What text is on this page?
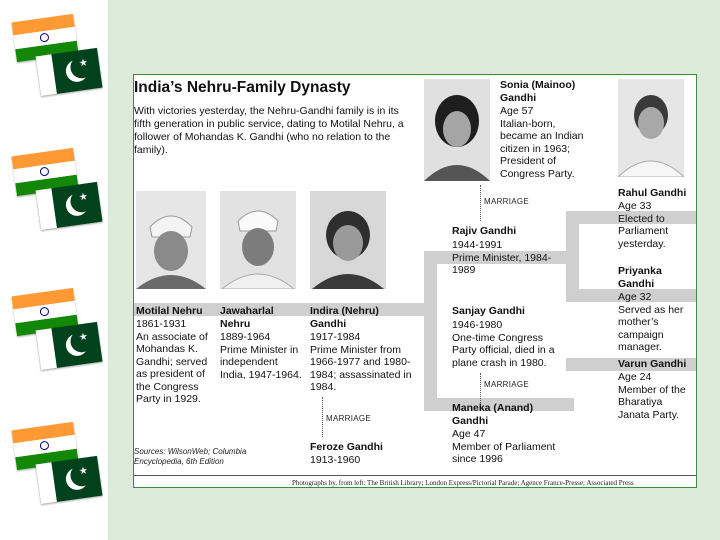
★
★
★
★
India’s Nehru-Family Dynasty
With victories yesterday, the Nehru-Gandhi family is in its fifth generation in public service, dating to Motilal Nehru, a follower of Mohandas K. Gandhi (who no relation to the family).
Motilal Nehru
1861-1931
An associate of Mohandas K. Gandhi; served as president of the Congress Party in 1929.
Jawaharlal Nehru
1889-1964
Prime Minister in independent India, 1947-1964.
Indira (Nehru) Gandhi
1917-1984
Prime Minister from 1966-1977 and 1980-1984; assassinated in 1984.
MARRIAGE
Feroze Gandhi
1913-1960
Sonia (Mainoo) Gandhi
Age 57
Italian-born, became an Indian citizen in 1963; President of Congress Party.
MARRIAGE
Rajiv Gandhi
1944-1991
Prime Minister, 1984-1989
Sanjay Gandhi
1946-1980
One-time Congress Party official, died in a plane crash in 1980.
MARRIAGE
Maneka (Anand) Gandhi
Age 47
Member of Parliament since 1996
Rahul Gandhi
Age 33
Elected to Parliament yesterday.
Priyanka Gandhi
Age 32
Served as her mother’s campaign manager.
Varun Gandhi
Age 24
Member of the Bharatiya Janata Party.
Sources: WilsonWeb; Columbia Encyclopedia, 6th Edition
Photographs by, from left: The British Library; London Express/Pictorial Parade; Agence France-Presse; Associated Press
